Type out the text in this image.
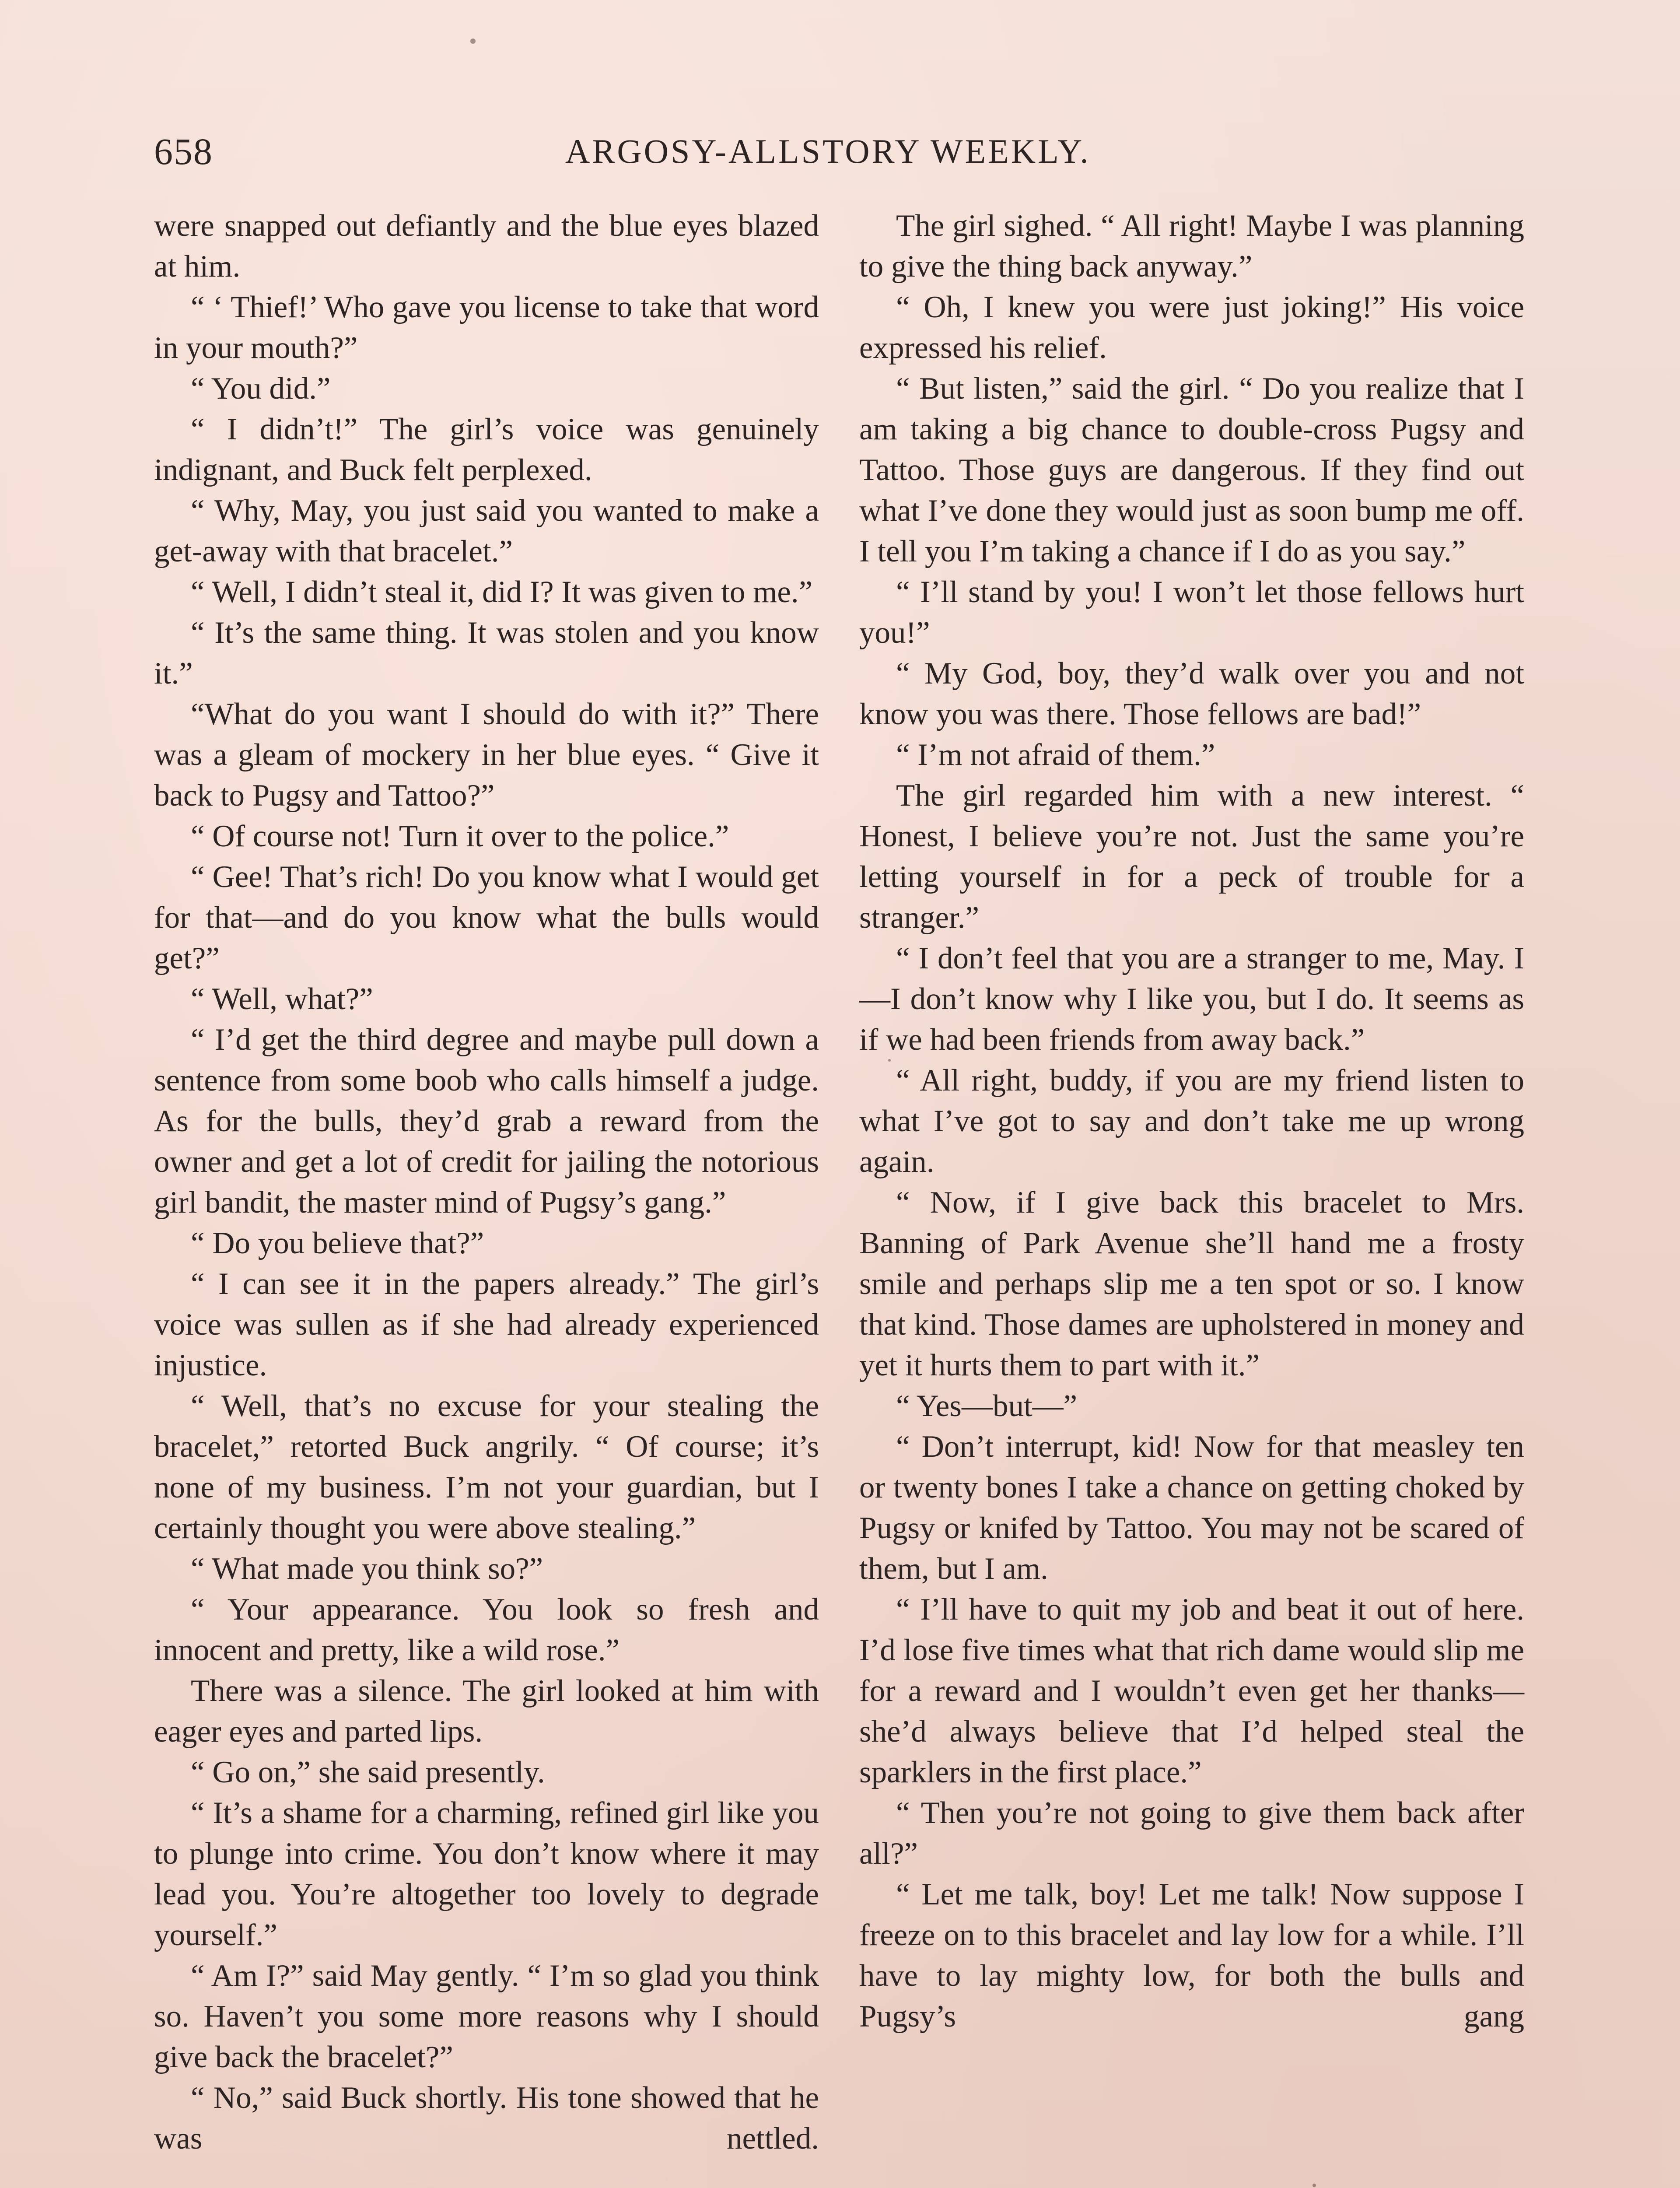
658	ARGOSY-ALLSTORY WEEKLY.

were snapped out defiantly and the blue eyes blazed at him.

“ ‘ Thief!’ Who gave you license to take that word in your mouth?”

“ You did.”

“ I didn’t!” The girl’s voice was genuinely indignant, and Buck felt perplexed.

“ Why, May, you just said you wanted to make a get-away with that bracelet.”

“ Well, I didn’t steal it, did I? It was given to me.”

“ It’s the same thing. It was stolen and you know it.”

“What do you want I should do with it?” There was a gleam of mockery in her blue eyes. “ Give it back to Pugsy and Tattoo?”

“ Of course not! Turn it over to the police.”

“ Gee! That’s rich! Do you know what I would get for that—and do you know what the bulls would get?”

“ Well, what?”

“ I’d get the third degree and maybe pull down a sentence from some boob who calls himself a judge. As for the bulls, they’d grab a reward from the owner and get a lot of credit for jailing the notorious girl bandit, the master mind of Pugsy’s gang.”

“ Do you believe that?”

“ I can see it in the papers already.” The girl’s voice was sullen as if she had already experienced injustice.

“ Well, that’s no excuse for your stealing the bracelet,” retorted Buck angrily. “ Of course; it’s none of my business. I’m not your guardian, but I certainly thought you were above stealing.”

“ What made you think so?”

“ Your appearance. You look so fresh and innocent and pretty, like a wild rose.”

There was a silence. The girl looked at him with eager eyes and parted lips.

“ Go on,” she said presently.

“ It’s a shame for a charming, refined girl like you to plunge into crime. You don’t know where it may lead you. You’re altogether too lovely to degrade yourself.”

“ Am I?” said May gently. “ I’m so glad you think so. Haven’t you some more reasons why I should give back the bracelet?”

“ No,” said Buck shortly. His tone showed that he was nettled.

The girl sighed. “ All right! Maybe I was planning to give the thing back anyway.”

“ Oh, I knew you were just joking!” His voice expressed his relief.

“ But listen,” said the girl. “ Do you realize that I am taking a big chance to double-cross Pugsy and Tattoo. Those guys are dangerous. If they find out what I’ve done they would just as soon bump me off. I tell you I’m taking a chance if I do as you say.”

“ I’ll stand by you! I won’t let those fellows hurt you!”

“ My God, boy, they’d walk over you and not know you was there. Those fellows are bad!”

“ I’m not afraid of them.”

The girl regarded him with a new interest. “ Honest, I believe you’re not. Just the same you’re letting yourself in for a peck of trouble for a stranger.”

“ I don’t feel that you are a stranger to me, May. I—I don’t know why I like you, but I do. It seems as if we had been friends from away back.”

“ All right, buddy, if you are my friend listen to what I’ve got to say and don’t take me up wrong again.

“ Now, if I give back this bracelet to Mrs. Banning of Park Avenue she’ll hand me a frosty smile and perhaps slip me a ten spot or so. I know that kind. Those dames are upholstered in money and yet it hurts them to part with it.”

“ Yes—but—”

“ Don’t interrupt, kid! Now for that measley ten or twenty bones I take a chance on getting choked by Pugsy or knifed by Tattoo. You may not be scared of them, but I am.

“ I’ll have to quit my job and beat it out of here. I’d lose five times what that rich dame would slip me for a reward and I wouldn’t even get her thanks—she’d always believe that I’d helped steal the sparklers in the first place.”

“ Then you’re not going to give them back after all?”

“ Let me talk, boy! Let me talk! Now suppose I freeze on to this bracelet and lay low for a while. I’ll have to lay mighty low, for both the bulls and Pugsy’s gang
